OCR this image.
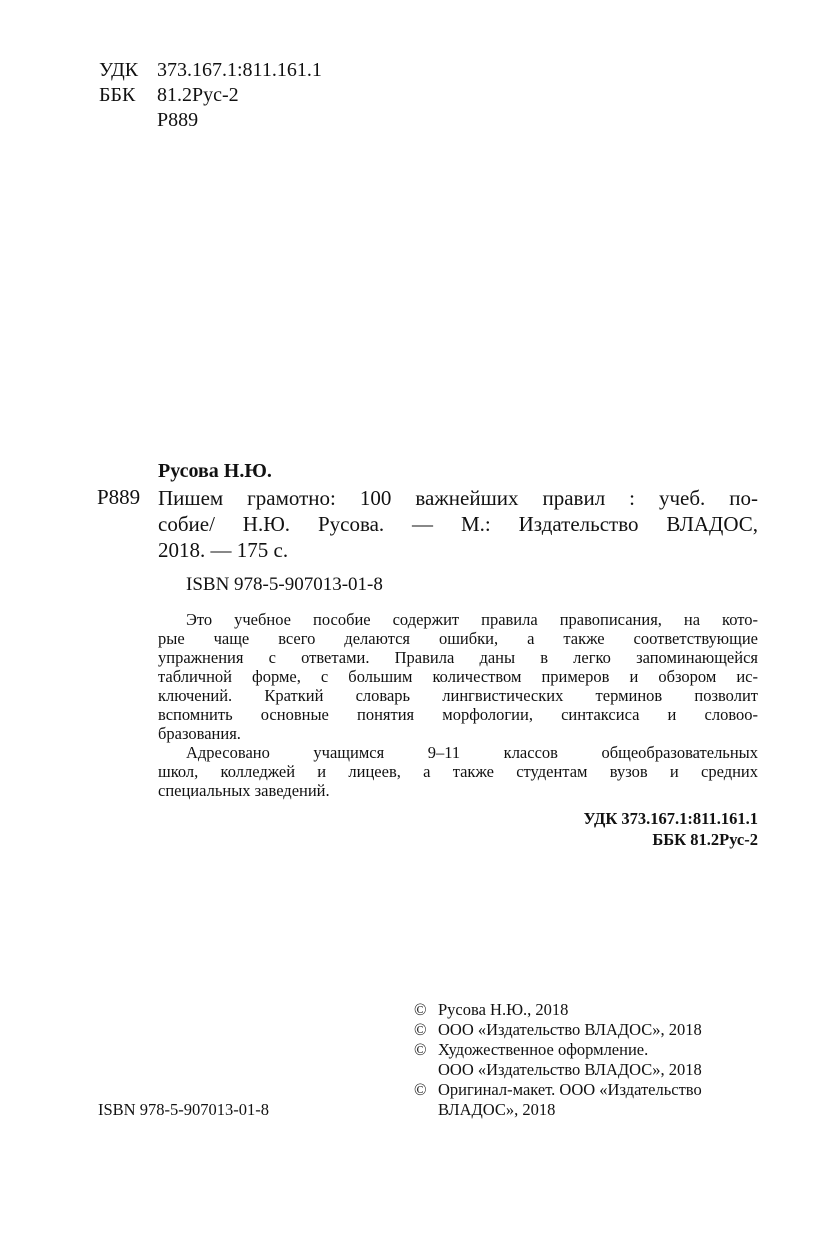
УДК 373.167.1:811.161.1
ББК	81.2Рус-2
Р889
Русова Н.Ю.
Р889 Пишем грамотно: 100 важнейших правил : учеб. по-
собие/ Н.Ю. Русова. — М.: Издательство ВЛАДОС,
2018. — 175 с.
ISBN 978-5-907013-01-8
Это учебное пособие содержит правила правописания, на кото-
рые чаще всего делаются ошибки, а также соответствующие
упражнения с ответами. Правила даны в легко запоминающейся
табличной форме, с большим количеством примеров и обзором ис-
ключений. Краткий словарь лингвистических терминов позволит
вспомнить основные понятия морфологии, синтаксиса и словоо-
бразования.
Адресовано учащимся 9–11 классов общеобразовательных
школ, колледжей и лицеев, а также студентам вузов и средних
специальных заведений.
УДК 373.167.1:811.161.1
ББК 81.2Рус-2
© Русова Н.Ю., 2018
© ООО «Издательство ВЛАДОС», 2018
© Художественное оформление.
ООО «Издательство ВЛАДОС», 2018
© Оригинал-макет. ООО «Издательство
ВЛАДОС», 2018
ISBN 978-5-907013-01-8
